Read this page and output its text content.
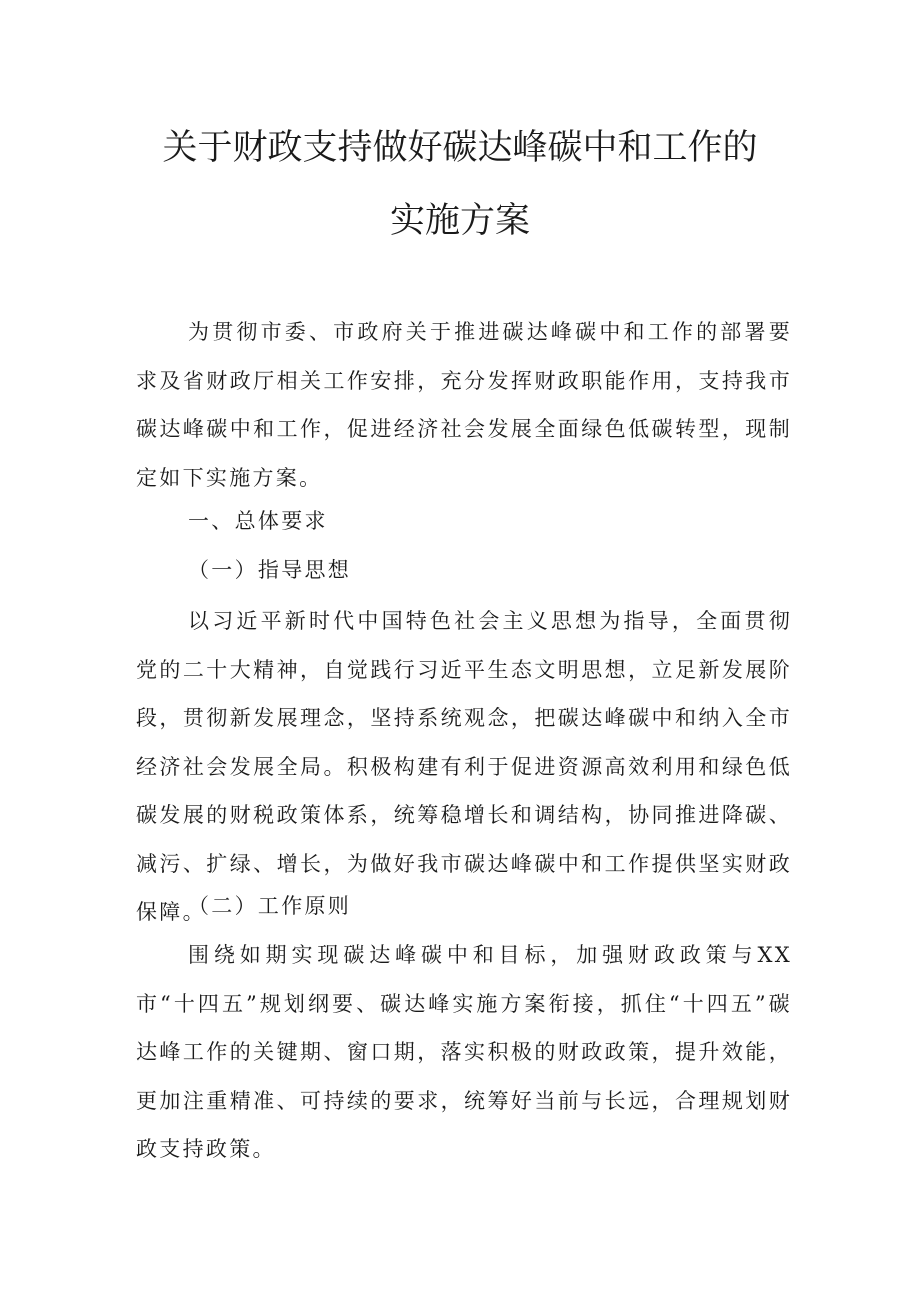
关于财政支持做好碳达峰碳中和工作的
实施方案

为贯彻市委、市政府关于推进碳达峰碳中和工作的部署要求及省财政厅相关工作安排，充分发挥财政职能作用，支持我市碳达峰碳中和工作，促进经济社会发展全面绿色低碳转型，现制定如下实施方案。

一、总体要求

（一）指导思想

以习近平新时代中国特色社会主义思想为指导，全面贯彻党的二十大精神，自觉践行习近平生态文明思想，立足新发展阶段，贯彻新发展理念，坚持系统观念，把碳达峰碳中和纳入全市经济社会发展全局。积极构建有利于促进资源高效利用和绿色低碳发展的财税政策体系，统筹稳增长和调结构，协同推进降碳、减污、扩绿、增长，为做好我市碳达峰碳中和工作提供坚实财政保障。

（二）工作原则

围绕如期实现碳达峰碳中和目标，加强财政政策与XX市“十四五”规划纲要、碳达峰实施方案衔接，抓住“十四五”碳达峰工作的关键期、窗口期，落实积极的财政政策，提升效能，更加注重精准、可持续的要求，统筹好当前与长远，合理规划财政支持政策。
